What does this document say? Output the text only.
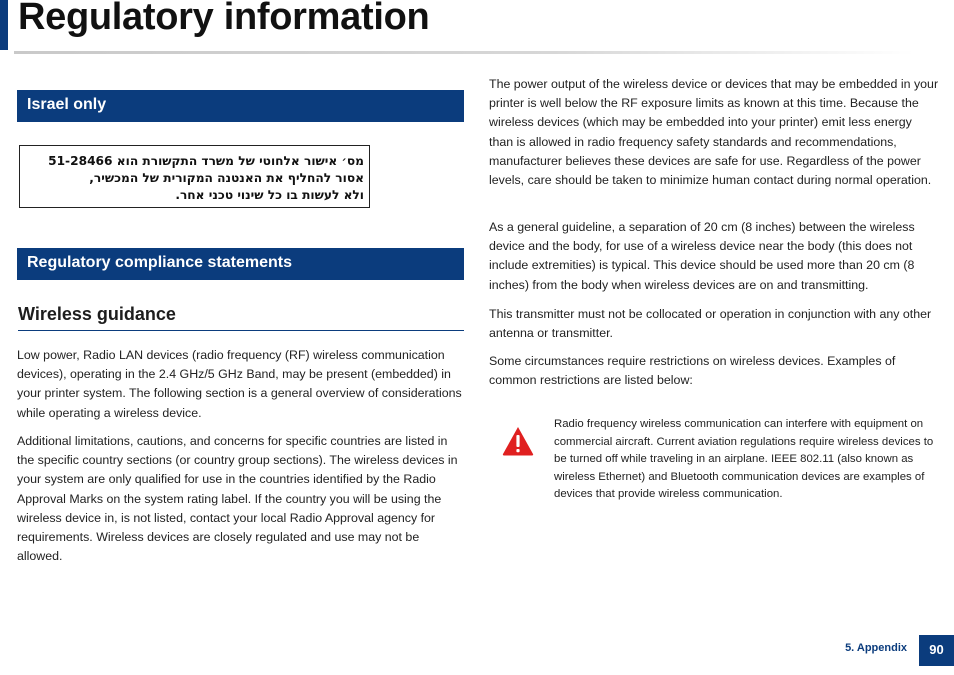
Regulatory information
Israel only
מס׳ אישור אלחוטי של משרד התקשורת הוא 51-28466
אסור להחליף את האנטנה המקורית של המכשיר,
ולא לעשות בו כל שינוי טכני אחר.
Regulatory compliance statements
Wireless guidance

Low power, Radio LAN devices (radio frequency (RF) wireless communication devices), operating in the 2.4 GHz/5 GHz Band, may be present (embedded) in your printer system. The following section is a general overview of considerations while operating a wireless device.

Additional limitations, cautions, and concerns for specific countries are listed in the specific country sections (or country group sections). The wireless devices in your system are only qualified for use in the countries identified by the Radio Approval Marks on the system rating label. If the country you will be using the wireless device in, is not listed, contact your local Radio Approval agency for requirements. Wireless devices are closely regulated and use may not be allowed.

The power output of the wireless device or devices that may be embedded in your printer is well below the RF exposure limits as known at this time. Because the wireless devices (which may be embedded into your printer) emit less energy than is allowed in radio frequency safety standards and recommendations, manufacturer believes these devices are safe for use. Regardless of the power levels, care should be taken to minimize human contact during normal operation.

As a general guideline, a separation of 20 cm (8 inches) between the wireless device and the body, for use of a wireless device near the body (this does not include extremities) is typical. This device should be used more than 20 cm (8 inches) from the body when wireless devices are on and transmitting.

This transmitter must not be collocated or operation in conjunction with any other antenna or transmitter.

Some circumstances require restrictions on wireless devices. Examples of common restrictions are listed below:

Radio frequency wireless communication can interfere with equipment on commercial aircraft. Current aviation regulations require wireless devices to be turned off while traveling in an airplane. IEEE 802.11 (also known as wireless Ethernet) and Bluetooth communication devices are examples of devices that provide wireless communication.

5. Appendix	90
